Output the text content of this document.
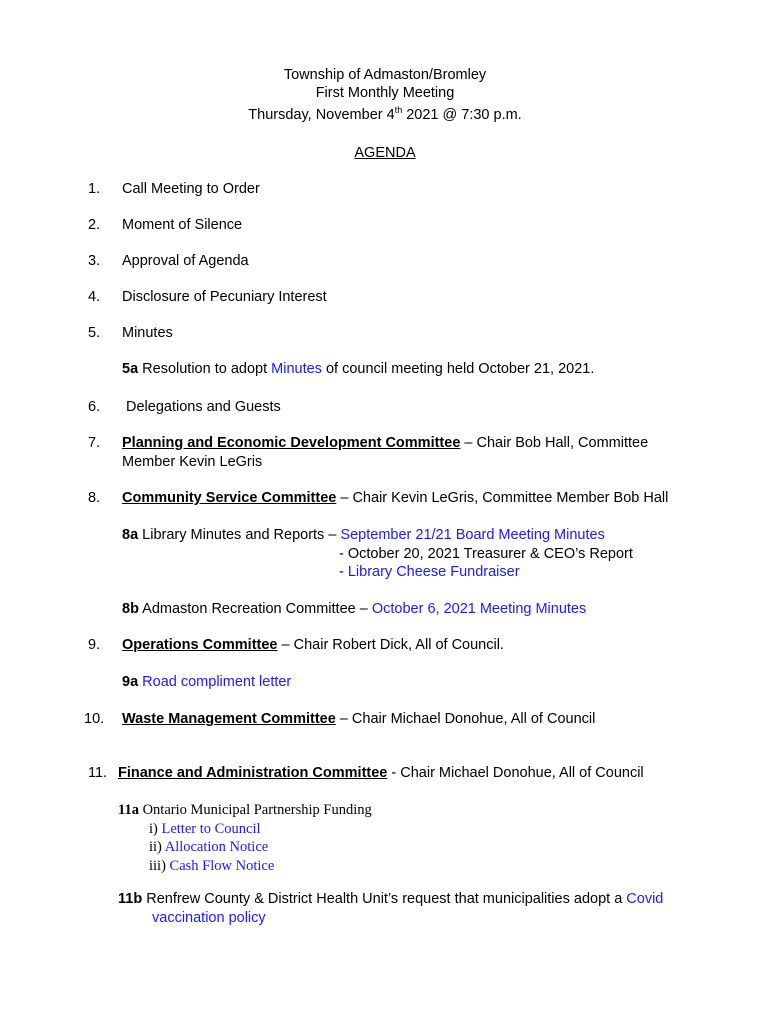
Township of Admaston/Bromley
First Monthly Meeting
Thursday, November 4th 2021 @ 7:30 p.m.
AGENDA
1. Call Meeting to Order
2. Moment of Silence
3. Approval of Agenda
4. Disclosure of Pecuniary Interest
5. Minutes
5a Resolution to adopt Minutes of council meeting held October 21, 2021.
6. Delegations and Guests
7. Planning and Economic Development Committee – Chair Bob Hall, Committee
Member Kevin LeGris
8. Community Service Committee – Chair Kevin LeGris, Committee Member Bob Hall
8a Library Minutes and Reports – September 21/21 Board Meeting Minutes
- October 20, 2021 Treasurer & CEO’s Report
- Library Cheese Fundraiser
8b Admaston Recreation Committee – October 6, 2021 Meeting Minutes
9. Operations Committee – Chair Robert Dick, All of Council.
9a Road compliment letter
10. Waste Management Committee – Chair Michael Donohue, All of Council
11. Finance and Administration Committee - Chair Michael Donohue, All of Council
11a Ontario Municipal Partnership Funding
i) Letter to Council
ii) Allocation Notice
iii) Cash Flow Notice
11b Renfrew County & District Health Unit’s request that municipalities adopt a Covid
vaccination policy
